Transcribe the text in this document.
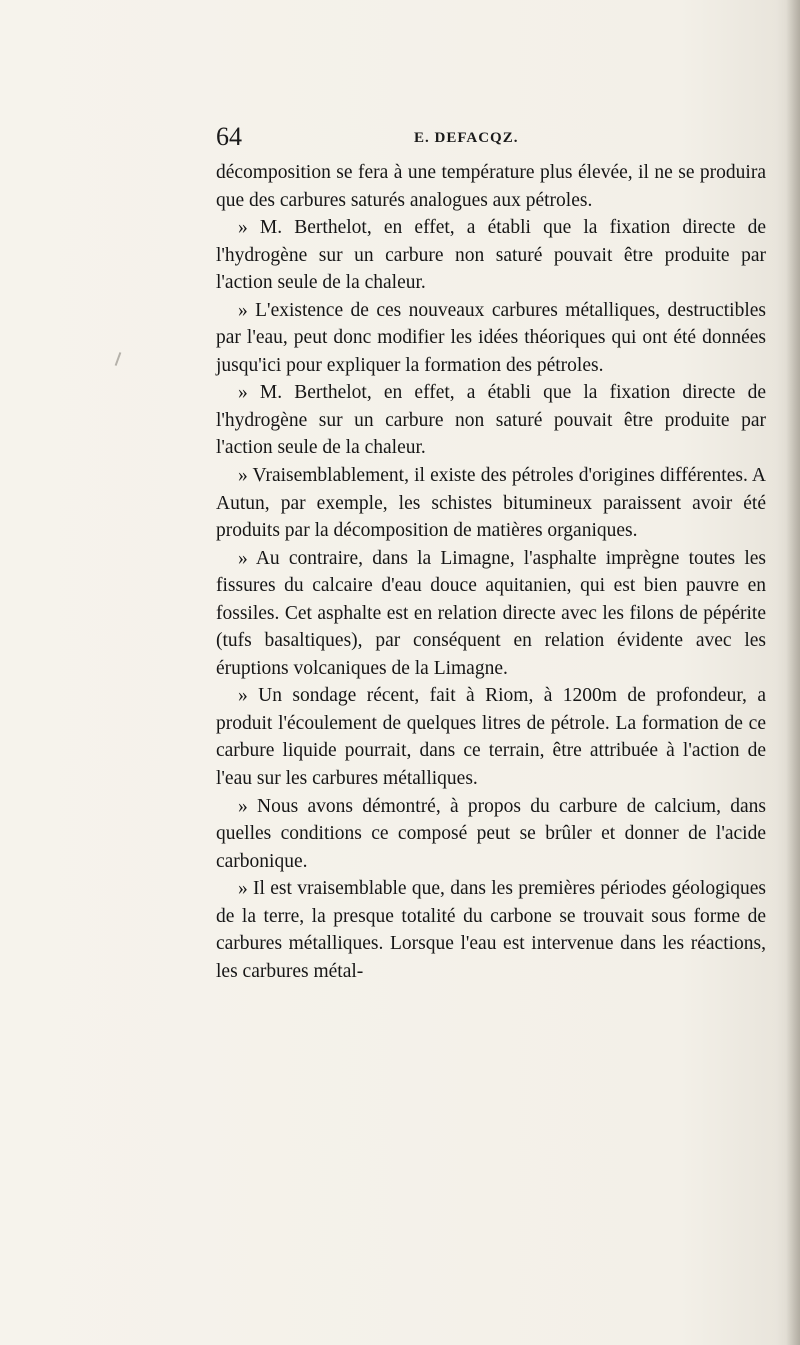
64	E. DEFACQZ.

décomposition se fera à une température plus élevée, il ne se produira que des carbures saturés analogues aux pétroles.

» M. Berthelot, en effet, a établi que la fixation directe de l'hydrogène sur un carbure non saturé pouvait être produite par l'action seule de la chaleur.

» L'existence de ces nouveaux carbures métalliques, destructibles par l'eau, peut donc modifier les idées théoriques qui ont été données jusqu'ici pour expliquer la formation des pétroles.

» M. Berthelot, en effet, a établi que la fixation directe de l'hydrogène sur un carbure non saturé pouvait être produite par l'action seule de la chaleur.

» Vraisemblablement, il existe des pétroles d'origines différentes. A Autun, par exemple, les schistes bitumineux paraissent avoir été produits par la décomposition de matières organiques.

» Au contraire, dans la Limagne, l'asphalte imprègne toutes les fissures du calcaire d'eau douce aquitanien, qui est bien pauvre en fossiles. Cet asphalte est en relation directe avec les filons de pépérite (tufs basaltiques), par conséquent en relation évidente avec les éruptions volcaniques de la Limagne.

» Un sondage récent, fait à Riom, à 1200m de profondeur, a produit l'écoulement de quelques litres de pétrole. La formation de ce carbure liquide pourrait, dans ce terrain, être attribuée à l'action de l'eau sur les carbures métalliques.

» Nous avons démontré, à propos du carbure de calcium, dans quelles conditions ce composé peut se brûler et donner de l'acide carbonique.

» Il est vraisemblable que, dans les premières périodes géologiques de la terre, la presque totalité du carbone se trouvait sous forme de carbures métalliques. Lorsque l'eau est intervenue dans les réactions, les carbures métal-
